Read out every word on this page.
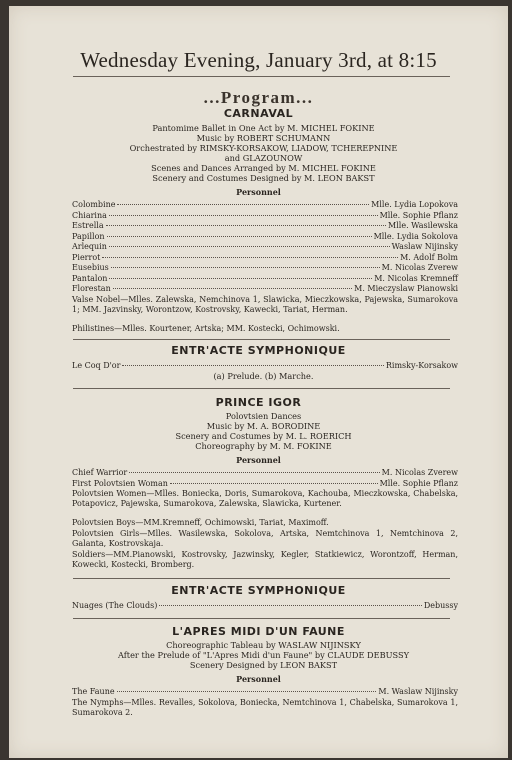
Wednesday Evening, January 3rd, at 8:15
...Program...
CARNAVAL
Pantomime Ballet in One Act by M. MICHEL FOKINE
Music by ROBERT SCHUMANN
Orchestrated by RIMSKY-KORSAKOW, LIADOW, TCHEREPNINE
and GLAZOUNOW
Scenes and Dances Arranged by M. MICHEL FOKINE
Scenery and Costumes Designed by M. LEON BAKST
Personnel
Colombine	Mlle. Lydia Lopokova
Chiarina	Mlle. Sophie Pflanz
Estrella	Mlle. Wasilewska
Papillon	Mlle. Lydia Sokolova
Arlequin	Waslaw Nijinsky
Pierrot	M. Adolf Bolm
Eusebius	M. Nicolas Zverew
Pantalon	M. Nicolas Kremneff
Florestan	M. Mieczyslaw Pianowski
Valse Nobel—Mlles. Zalewska, Nemchinova 1, Slawicka, Mieczkowska, Pajewska, Sumarokova 1; MM. Jazvinsky, Worontzow, Kostrovsky, Kawecki, Tariat, Herman.
Philistines—Mlles. Kourtener, Artska; MM. Kostecki, Ochimowski.
ENTR'ACTE SYMPHONIQUE
Le Coq D'or	Rimsky-Korsakow
(a) Prelude. (b) Marche.
PRINCE IGOR
Polovtsien Dances
Music by M. A. BORODINE
Scenery and Costumes by M. L. ROERICH
Choreography by M. M. FOKINE
Personnel
Chief Warrior	M. Nicolas Zverew
First Polovtsien Woman	Mlle. Sophie Pflanz
Polovtsien Women—Mlles. Boniecka, Doris, Sumarokova, Kachouba, Mieczkowska, Chabelska, Potapovicz, Pajewska, Sumarokova, Zalewska, Slawicka, Kurtener.
Polovtsien Boys—MM.Kremneff, Ochimowski, Tariat, Maximoff.
Polovtsien Girls—Mlles. Wasilewska, Sokolova, Artska, Nemtchinova 1, Nemtchinova 2, Galanta, Kostrovskaja.
Soldiers—MM.Pianowski, Kostrovsky, Jazwinsky, Kegler, Statkiewicz, Worontzoff, Herman, Kowecki, Kostecki, Bromberg.
ENTR'ACTE SYMPHONIQUE
Nuages (The Clouds)	Debussy
L'APRES MIDI D'UN FAUNE
Choreographic Tableau by WASLAW NIJINSKY
After the Prelude of "L'Apres Midi d'un Faune" by CLAUDE DEBUSSY
Scenery Designed by LEON BAKST
Personnel
The Faune	M. Waslaw Nijinsky
The Nymphs—Mlles. Revalles, Sokolova, Boniecka, Nemtchinova 1, Chabelska, Sumarokova 1, Sumarokova 2.
